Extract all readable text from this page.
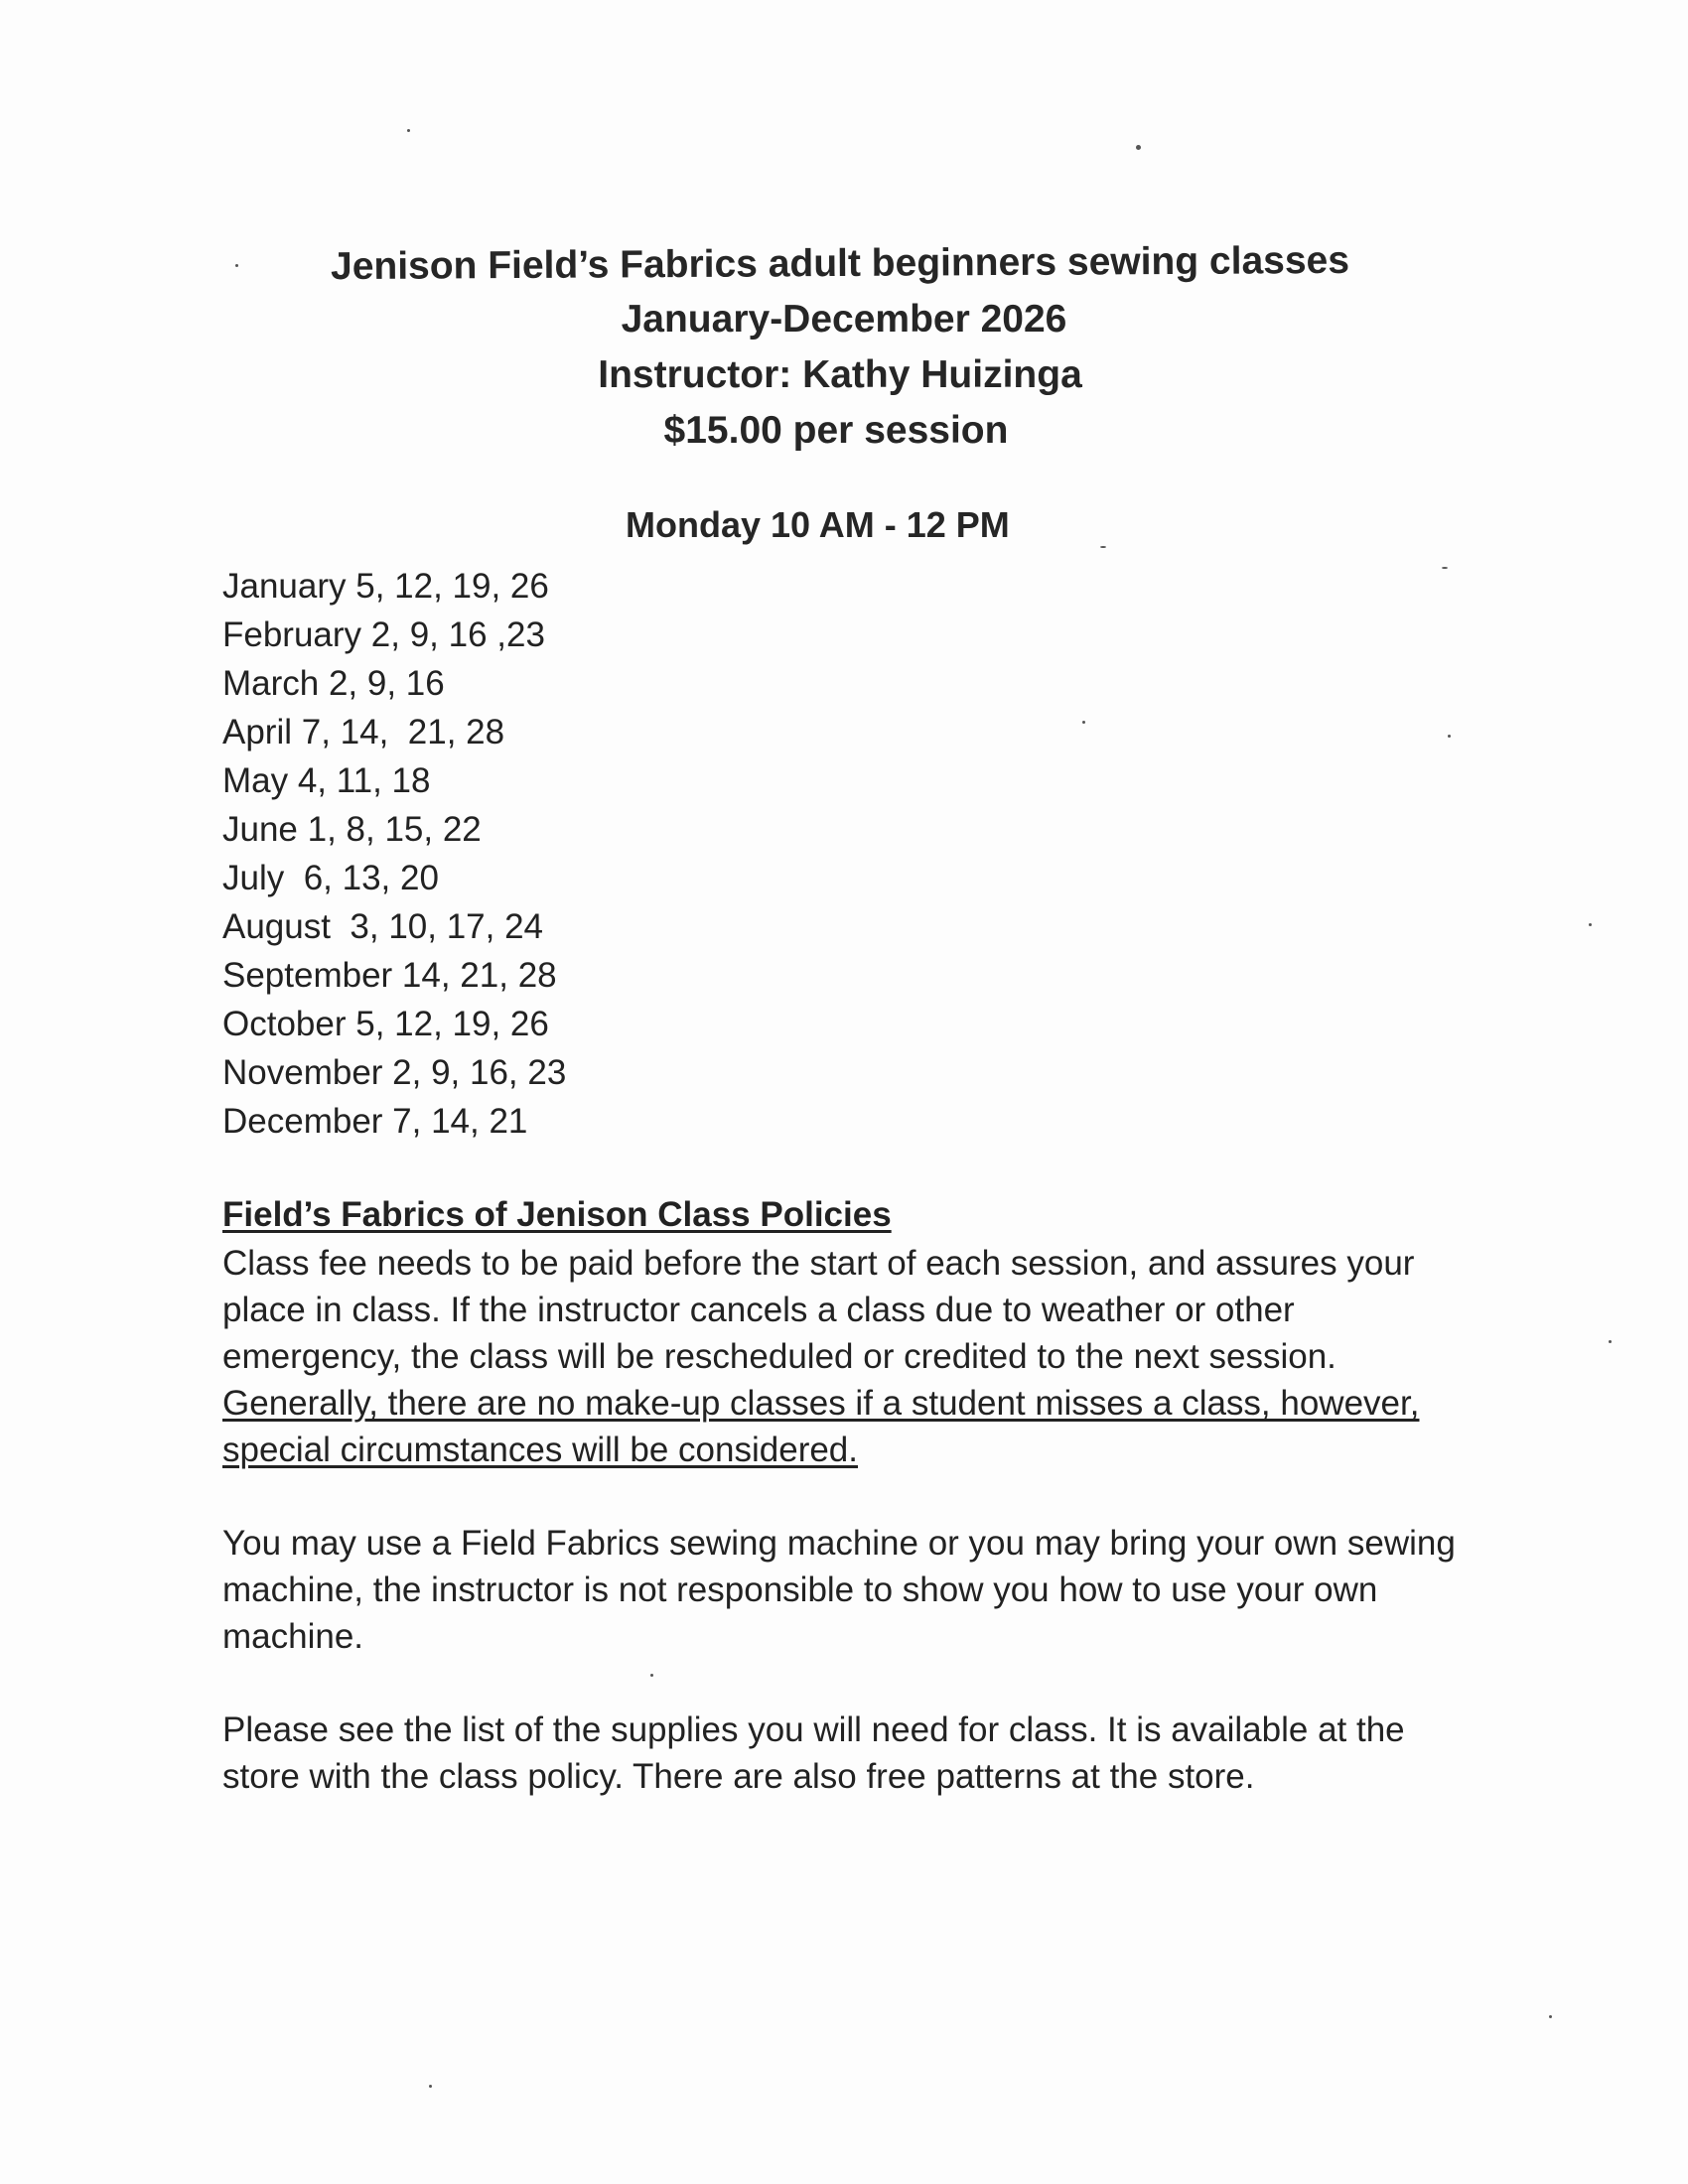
Jenison Field’s Fabrics adult beginners sewing classes
January-December 2026
Instructor: Kathy Huizinga
$15.00 per session
Monday 10 AM - 12 PM
January 5, 12, 19, 26
February 2, 9, 16 ,23
March 2, 9, 16
April 7, 14,  21, 28
May 4, 11, 18
June 1, 8, 15, 22
July  6, 13, 20
August  3, 10, 17, 24
September 14, 21, 28
October 5, 12, 19, 26
November 2, 9, 16, 23
December 7, 14, 21
Field’s Fabrics of Jenison Class Policies

Class fee needs to be paid before the start of each session, and assures your place in class. If the instructor cancels a class due to weather or other emergency, the class will be rescheduled or credited to the next session. Generally, there are no make-up classes if a student misses a class, however, special circumstances will be considered.

You may use a Field Fabrics sewing machine or you may bring your own sewing machine, the instructor is not responsible to show you how to use your own machine.

Please see the list of the supplies you will need for class. It is available at the store with the class policy. There are also free patterns at the store.
